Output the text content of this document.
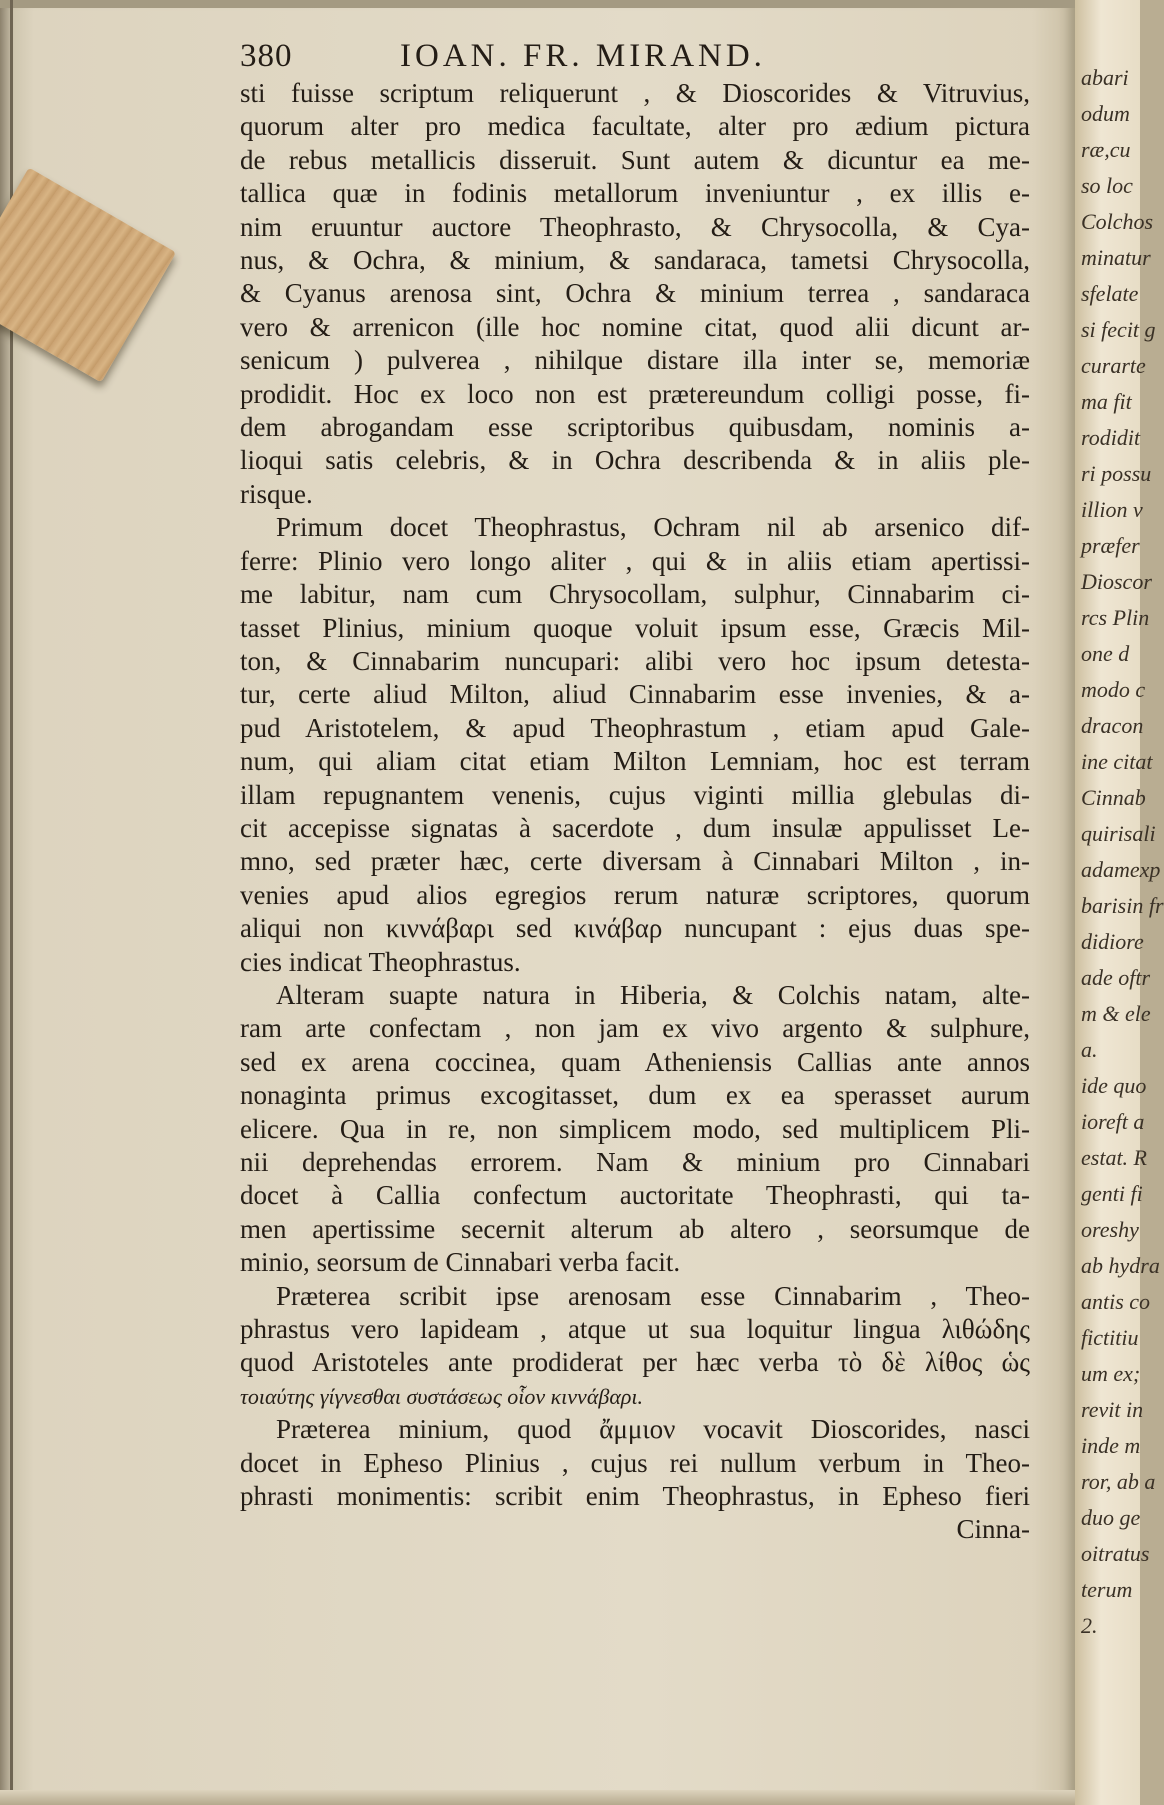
380	IOAN. FR. MIRAND.
sti fuisse scriptum reliquerunt , & Dioscorides & Vitruvius,
quorum alter pro medica facultate, alter pro ædium pictura
de rebus metallicis disseruit. Sunt autem & dicuntur ea me-
tallica quæ in fodinis metallorum inveniuntur , ex illis e-
nim eruuntur auctore Theophrasto, & Chrysocolla, & Cya-
nus, & Ochra, & minium, & sandaraca, tametsi Chrysocolla,
& Cyanus arenosa sint, Ochra & minium terrea , sandaraca
vero & arrenicon (ille hoc nomine citat, quod alii dicunt ar-
senicum ) pulverea , nihilque distare illa inter se, memoriæ
prodidit. Hoc ex loco non est prætereundum colligi posse, fi-
dem abrogandam esse scriptoribus quibusdam, nominis a-
lioqui satis celebris, & in Ochra describenda & in aliis ple-
risque.
Primum docet Theophrastus, Ochram nil ab arsenico dif-
ferre: Plinio vero longo aliter , qui & in aliis etiam apertissi-
me labitur, nam cum Chrysocollam, sulphur, Cinnabarim ci-
tasset Plinius, minium quoque voluit ipsum esse, Græcis Mil-
ton, & Cinnabarim nuncupari: alibi vero hoc ipsum detesta-
tur, certe aliud Milton, aliud Cinnabarim esse invenies, & a-
pud Aristotelem, & apud Theophrastum , etiam apud Gale-
num, qui aliam citat etiam Milton Lemniam, hoc est terram
illam repugnantem venenis, cujus viginti millia glebulas di-
cit accepisse signatas à sacerdote , dum insulæ appulisset Le-
mno, sed præter hæc, certe diversam à Cinnabari Milton , in-
venies apud alios egregios rerum naturæ scriptores, quorum
aliqui non κιννάβαρι sed κινάβαρ nuncupant : ejus duas spe-
cies indicat Theophrastus.
Alteram suapte natura in Hiberia, & Colchis natam, alte-
ram arte confectam , non jam ex vivo argento & sulphure,
sed ex arena coccinea, quam Atheniensis Callias ante annos
nonaginta primus excogitasset, dum ex ea sperasset aurum
elicere. Qua in re, non simplicem modo, sed multiplicem Pli-
nii deprehendas errorem. Nam & minium pro Cinnabari
docet à Callia confectum auctoritate Theophrasti, qui ta-
men apertissime secernit alterum ab altero , seorsumque de
minio, seorsum de Cinnabari verba facit.
Præterea scribit ipse arenosam esse Cinnabarim , Theo-
phrastus vero lapideam , atque ut sua loquitur lingua λιθώδης
quod Aristoteles ante prodiderat per hæc verba τὸ δὲ λίθος ὡς
τοιαύτης γίγνεσθαι συστάσεως οἷον κιννάβαρι.
Præterea minium, quod ἄμμιον vocavit Dioscorides, nasci
docet in Epheso Plinius , cujus rei nullum verbum in Theo-
phrasti monimentis: scribit enim Theophrastus, in Epheso fieri
Cinna-
abari
odum
ræ,cu
so loc
Colchos
minatur
sfelate
si fecit g
curarte
ma fit
rodidit
ri possu
illion v
præfer
Dioscor
rcs Plin
one d
modo c
dracon
ine citat
Cinnab
quirisali
adamexp
barisin fr
didiore
ade oftr
m & ele
a.
ide quo
ioreft a
estat. R
genti fi
oreshy
ab hydra
antis co
fictitiu
um ex;
revit in
inde m
ror, ab a
duo ge
oitratus
terum
2.
